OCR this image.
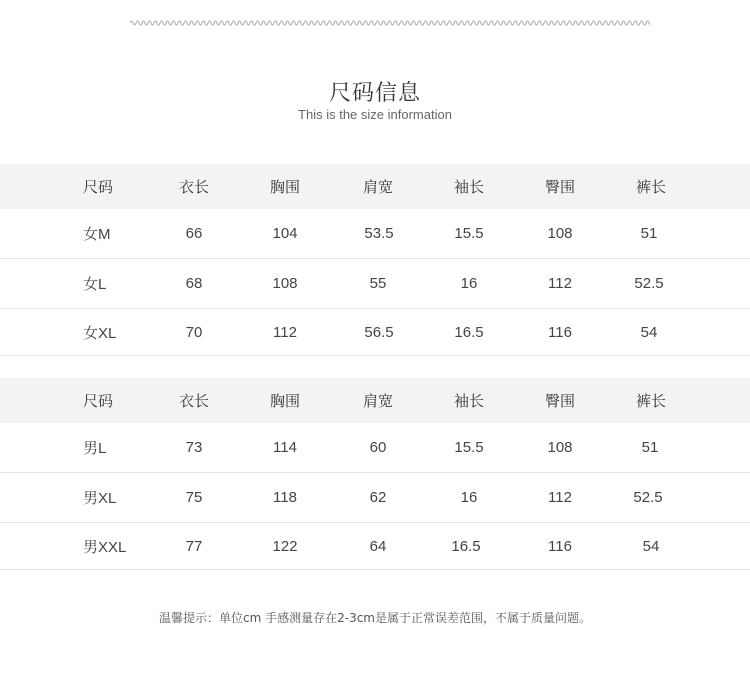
尺码信息
This is the size information
尺码	衣长	胸围	肩宽	袖长	臀围	裤长
女M	66	104	53.5	15.5	108	51
女L	68	108	55	16	112	52.5
女XL	70	112	56.5	16.5	116	54
尺码	衣长	胸围	肩宽	袖长	臀围	裤长
男L	73	114	60	15.5	108	51
男XL	75	118	62	16	112	52.5
男XXL	77	122	64	16.5	116	54
温馨提示：单位cm 手感测量存在2-3cm是属于正常误差范围，不属于质量问题。
